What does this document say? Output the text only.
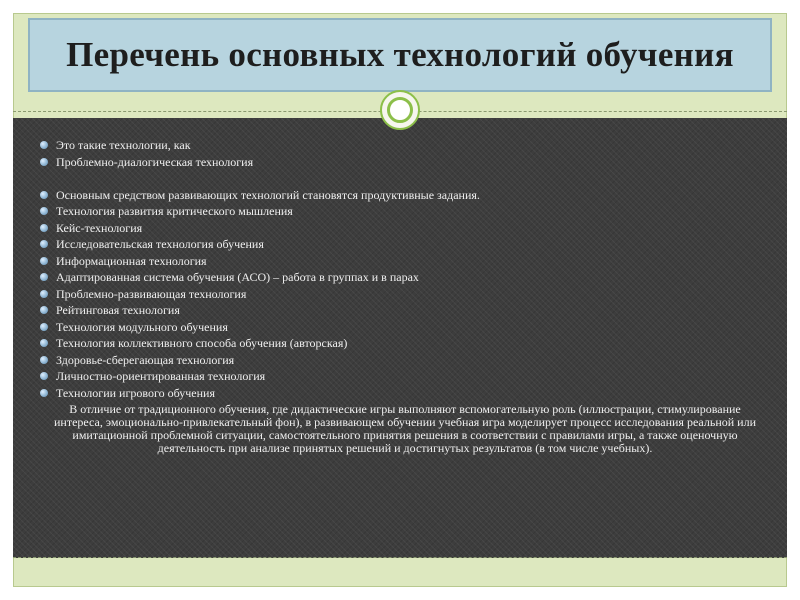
Перечень основных технологий обучения
Это такие технологии, как
Проблемно-диалогическая технология
Основным средством развивающих технологий становятся продуктивные задания.
Технология развития критического мышления
Кейс-технология
Исследовательская технология обучения
Информационная технология
Адаптированная система обучения (АСО) – работа в группах и в парах
Проблемно-развивающая технология
Рейтинговая технология
Технология модульного обучения
Технология коллективного способа обучения (авторская)
Здоровье-сберегающая технология
Личностно-ориентированная технология
Технологии игрового обучения

В отличие от традиционного обучения, где дидактические игры выполняют вспомогательную роль (иллюстрации, стимулирование интереса, эмоционально-привлекательный фон), в развивающем обучении учебная игра моделирует процесс исследования реальной или имитационной проблемной ситуации, самостоятельного принятия решения в соответствии с правилами игры, а также оценочную деятельность при анализе принятых решений и достигнутых результатов (в том числе учебных).
